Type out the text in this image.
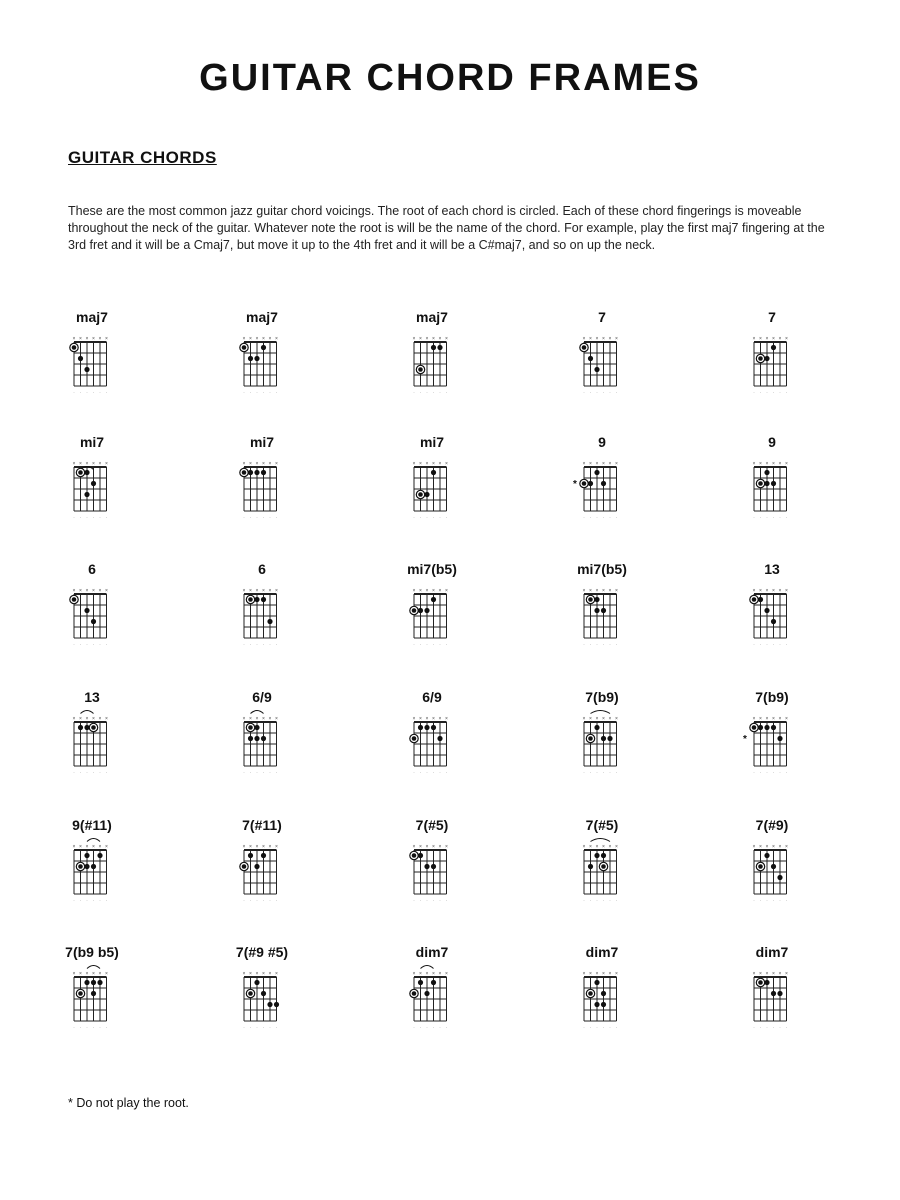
GUITAR CHORD FRAMES
GUITAR CHORDS

These are the most common jazz guitar chord voicings. The root of each chord is circled. Each of these chord fingerings is moveable throughout the neck of the guitar. Whatever note the root is will be the name of the chord. For example, play the first maj7 fingering at the 3rd fret and it will be a Cmaj7, but move it up to the 4th fret and it will be a C#maj7, and so on up the neck.

maj7
× × × × × ×
· · · · · ·
maj7
× × × × × ×
· · · · · ·
maj7
× × × × × ×
· · · · · ·
7
× × × × × ×
· · · · · ·
7
× × × × × ×
· · · · · ·
mi7
× × × × × ×
· · · · · ·
mi7
× × × × × ×
· · · · · ·
mi7
× × × × × ×
· · · · · ·
9
× × × × × ×
*
· · · · · ·
9
× × × × × ×
· · · · · ·
6
× × × × × ×
· · · · · ·
6
× × × × × ×
· · · · · ·
mi7(b5)
× × × × × ×
· · · · · ·
mi7(b5)
× × × × × ×
· · · · · ·
13
× × × × × ×
· · · · · ·
13
× × × × × ×
· · · · · ·
6/9
× × × × × ×
· · · · · ·
6/9
× × × × × ×
· · · · · ·
7(b9)
× × × × × ×
· · · · · ·
7(b9)
× × × × × ×
*
· · · · · ·
9(#11)
× × × × × ×
· · · · · ·
7(#11)
× × × × × ×
· · · · · ·
7(#5)
× × × × × ×
· · · · · ·
7(#5)
× × × × × ×
· · · · · ·
7(#9)
× × × × × ×
· · · · · ·
7(b9 b5)
× × × × × ×
· · · · · ·
7(#9 #5)
× × × × × ×
· · · · · ·
dim7
× × × × × ×
· · · · · ·
dim7
× × × × × ×
· · · · · ·
dim7
× × × × × ×
· · · · · ·

* Do not play the root.
